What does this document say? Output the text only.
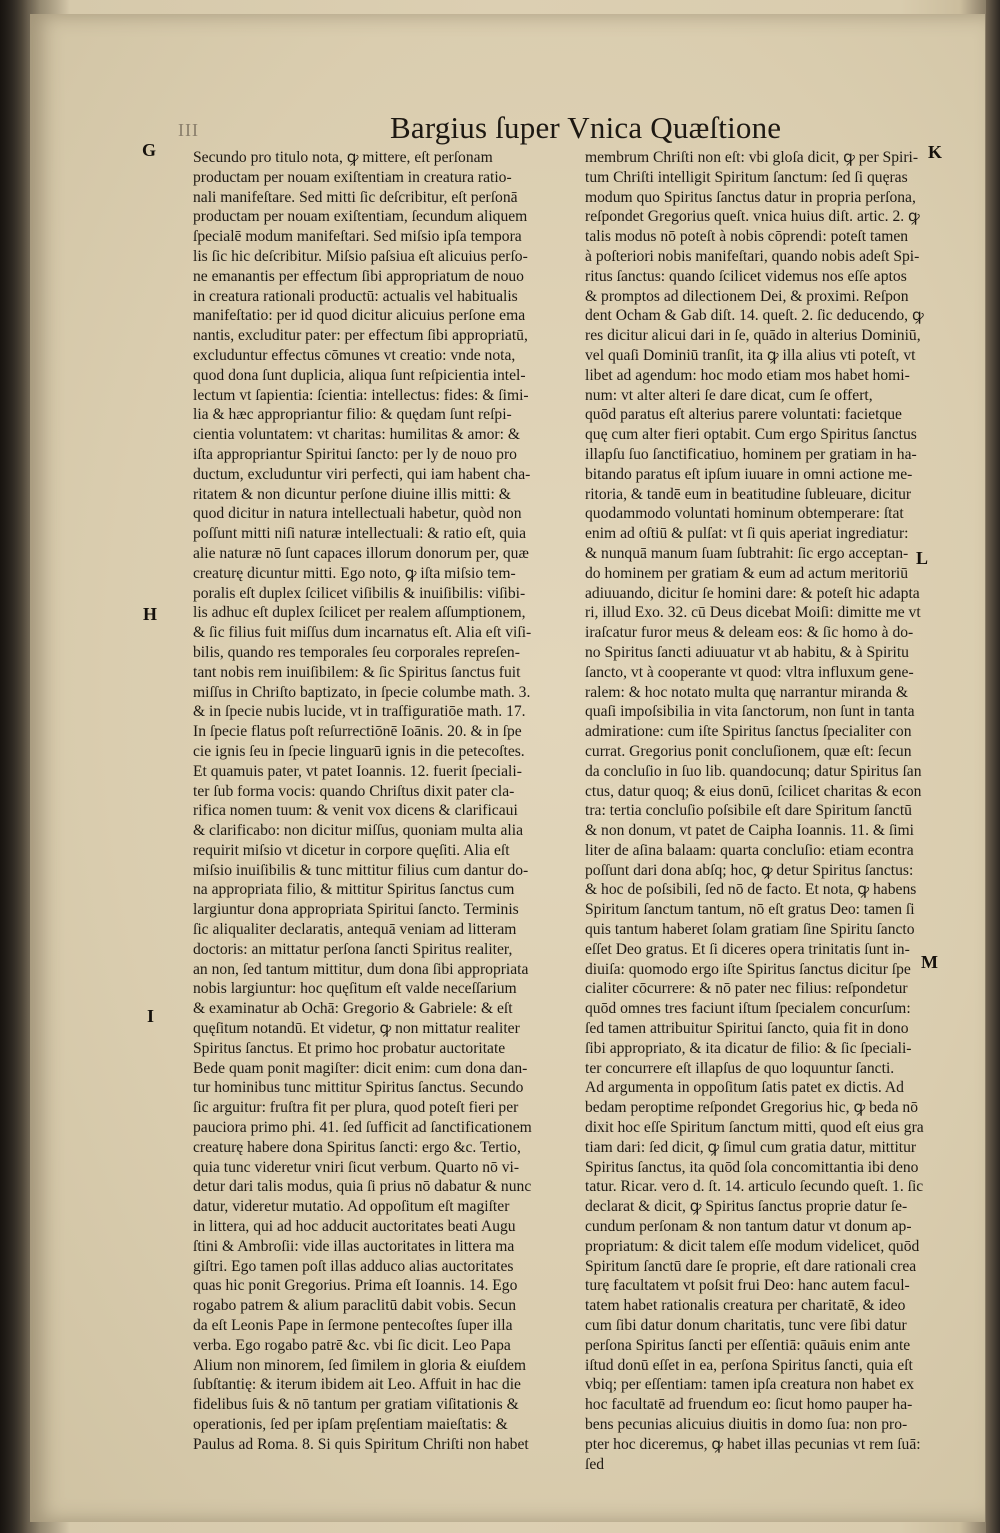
III	Bargius ſuper Vnica Quæſtione
G
H
I
K
L
M
Secundo pro titulo nota, ꝙ mittere, eſt perſonam
productam per nouam exiſtentiam in creatura ratio-
nali manifeſtare. Sed mitti ſic deſcribitur, eſt perſonā
productam per nouam exiſtentiam, ſecundum aliquem
ſpecialē modum manifeſtari. Sed miſsio ipſa tempora
lis ſic hic deſcribitur. Miſsio paſsiua eſt alicuius perſo-
ne emanantis per effectum ſibi appropriatum de nouo
in creatura rationali productū: actualis vel habitualis
manifeſtatio: per id quod dicitur alicuius perſone ema
nantis, excluditur pater: per effectum ſibi appropriatū,
excluduntur effectus cōmunes vt creatio: vnde nota,
quod dona ſunt duplicia, aliqua ſunt reſpicientia intel-
lectum vt ſapientia: ſcientia: intellectus: fides: & ſimi-
lia & hæc appropriantur filio: & quędam ſunt reſpi-
cientia voluntatem: vt charitas: humilitas & amor: &
iſta appropriantur Spiritui ſancto: per ly de nouo pro
ductum, excluduntur viri perfecti, qui iam habent cha-
ritatem & non dicuntur perſone diuine illis mitti: &
quod dicitur in natura intellectuali habetur, quòd non
poſſunt mitti niſi naturæ intellectuali: & ratio eſt, quia
alie naturæ nō ſunt capaces illorum donorum per, quæ
creaturę dicuntur mitti. Ego noto, ꝙ iſta miſsio tem-
poralis eſt duplex ſcilicet viſibilis & inuiſibilis: viſibi-
lis adhuc eſt duplex ſcilicet per realem aſſumptionem,
& ſic filius fuit miſſus dum incarnatus eſt. Alia eſt viſi-
bilis, quando res temporales ſeu corporales repreſen-
tant nobis rem inuiſibilem: & ſic Spiritus ſanctus fuit
miſſus in Chriſto baptizato, in ſpecie columbe math. 3.
& in ſpecie nubis lucide, vt in traſfiguratiōe math. 17.
In ſpecie flatus poſt reſurrectiōnē Ioānis. 20. & in ſpe
cie ignis ſeu in ſpecie linguarū ignis in die petecoſtes.
Et quamuis pater, vt patet Ioannis. 12. fuerit ſpeciali-
ter ſub forma vocis: quando Chriſtus dixit pater cla-
rifica nomen tuum: & venit vox dicens & clarificaui
& clarificabo: non dicitur miſſus, quoniam multa alia
requirit miſsio vt dicetur in corpore quęſiti. Alia eſt
miſsio inuiſibilis & tunc mittitur filius cum dantur do-
na appropriata filio, & mittitur Spiritus ſanctus cum
largiuntur dona appropriata Spiritui ſancto. Terminis
ſic aliqualiter declaratis, antequā veniam ad litteram
doctoris: an mittatur perſona ſancti Spiritus realiter,
an non, ſed tantum mittitur, dum dona ſibi appropriata
nobis largiuntur: hoc quęſitum eſt valde neceſſarium
& examinatur ab Ochā: Gregorio & Gabriele: & eſt
quęſitum notandū. Et videtur, ꝙ non mittatur realiter
Spiritus ſanctus. Et primo hoc probatur auctoritate
Bede quam ponit magiſter: dicit enim: cum dona dan-
tur hominibus tunc mittitur Spiritus ſanctus. Secundo
ſic arguitur: fruſtra fit per plura, quod poteſt fieri per
pauciora primo phi. 41. ſed ſufficit ad ſanctificationem
creaturę habere dona Spiritus ſancti: ergo &c. Tertio,
quia tunc videretur vniri ſicut verbum. Quarto nō vi-
detur dari talis modus, quia ſi prius nō dabatur & nunc
datur, videretur mutatio. Ad oppoſitum eſt magiſter
in littera, qui ad hoc adducit auctoritates beati Augu
ſtini & Ambroſii: vide illas auctoritates in littera ma
giſtri. Ego tamen poſt illas adduco alias auctoritates
quas hic ponit Gregorius. Prima eſt Ioannis. 14. Ego
rogabo patrem & alium paraclitū dabit vobis. Secun
da eſt Leonis Pape in ſermone pentecoſtes ſuper illa
verba. Ego rogabo patrē &c. vbi ſic dicit. Leo Papa
Alium non minorem, ſed ſimilem in gloria & eiuſdem
ſubſtantię: & iterum ibidem ait Leo. Affuit in hac die
fidelibus ſuis & nō tantum per gratiam viſitationis &
operationis, ſed per ipſam pręſentiam maieſtatis: &
Paulus ad Roma. 8. Si quis Spiritum Chriſti non habet
membrum Chriſti non eſt: vbi gloſa dicit, ꝙ per Spiri-
tum Chriſti intelligit Spiritum ſanctum: ſed ſi quęras
modum quo Spiritus ſanctus datur in propria perſona,
reſpondet Gregorius queſt. vnica huius diſt. artic. 2. ꝙ
talis modus nō poteſt à nobis cōprendi: poteſt tamen
à poſteriori nobis manifeſtari, quando nobis adeſt Spi-
ritus ſanctus: quando ſcilicet videmus nos eſſe aptos
& promptos ad dilectionem Dei, & proximi. Reſpon
dent Ocham & Gab diſt. 14. queſt. 2. ſic deducendo, ꝙ
res dicitur alicui dari in ſe, quādo in alterius Dominiū,
vel quaſi Dominiū tranſit, ita ꝙ illa alius vti poteſt, vt
libet ad agendum: hoc modo etiam mos habet homi-
num: vt alter alteri ſe dare dicat, cum ſe offert,
quōd paratus eſt alterius parere voluntati: facietque
quę cum alter fieri optabit. Cum ergo Spiritus ſanctus
illapſu ſuo ſanctificatiuo, hominem per gratiam in ha-
bitando paratus eſt ipſum iuuare in omni actione me-
ritoria, & tandē eum in beatitudine ſubleuare, dicitur
quodammodo voluntati hominum obtemperare: ſtat
enim ad oſtiū & pulſat: vt ſi quis aperiat ingrediatur:
& nunquā manum ſuam ſubtrahit: ſic ergo acceptan-
do hominem per gratiam & eum ad actum meritoriū
adiuuando, dicitur ſe homini dare: & poteſt hic adapta
ri, illud Exo. 32. cū Deus dicebat Moiſi: dimitte me vt
iraſcatur furor meus & deleam eos: & ſic homo à do-
no Spiritus ſancti adiuuatur vt ab habitu, & à Spiritu
ſancto, vt à cooperante vt quod: vltra influxum gene-
ralem: & hoc notato multa quę narrantur miranda &
quaſi impoſsibilia in vita ſanctorum, non ſunt in tanta
admiratione: cum iſte Spiritus ſanctus ſpecialiter con
currat. Gregorius ponit concluſionem, quæ eſt: ſecun
da concluſio in ſuo lib. quandocunq; datur Spiritus ſan
ctus, datur quoq; & eius donū, ſcilicet charitas & econ
tra: tertia concluſio poſsibile eſt dare Spiritum ſanctū
& non donum, vt patet de Caipha Ioannis. 11. & ſimi
liter de aſina balaam: quarta concluſio: etiam econtra
poſſunt dari dona abſq; hoc, ꝙ detur Spiritus ſanctus:
& hoc de poſsibili, ſed nō de facto. Et nota, ꝙ habens
Spiritum ſanctum tantum, nō eſt gratus Deo: tamen ſi
quis tantum haberet ſolam gratiam ſine Spiritu ſancto
eſſet Deo gratus. Et ſi diceres opera trinitatis ſunt in-
diuiſa: quomodo ergo iſte Spiritus ſanctus dicitur ſpe
cialiter cōcurrere: & nō pater nec filius: reſpondetur
quōd omnes tres faciunt iſtum ſpecialem concurſum:
ſed tamen attribuitur Spiritui ſancto, quia fit in dono
ſibi appropriato, & ita dicatur de filio: & ſic ſpeciali-
ter concurrere eſt illapſus de quo loquuntur ſancti.
Ad argumenta in oppoſitum ſatis patet ex dictis. Ad
bedam peroptime reſpondet Gregorius hic, ꝙ beda nō
dixit hoc eſſe Spiritum ſanctum mitti, quod eſt eius gra
tiam dari: ſed dicit, ꝙ ſimul cum gratia datur, mittitur
Spiritus ſanctus, ita quōd ſola concomittantia ibi deno
tatur. Ricar. vero d. ſt. 14. articulo ſecundo queſt. 1. ſic
declarat & dicit, ꝙ Spiritus ſanctus proprie datur ſe-
cundum perſonam & non tantum datur vt donum ap-
propriatum: & dicit talem eſſe modum videlicet, quōd
Spiritum ſanctū dare ſe proprie, eſt dare rationali crea
turę facultatem vt poſsit frui Deo: hanc autem facul-
tatem habet rationalis creatura per charitatē, & ideo
cum ſibi datur donum charitatis, tunc vere ſibi datur
perſona Spiritus ſancti per eſſentiā: quāuis enim ante
iſtud donū eſſet in ea, perſona Spiritus ſancti, quia eſt
vbiq; per eſſentiam: tamen ipſa creatura non habet ex
hoc facultatē ad fruendum eo: ſicut homo pauper ha-
bens pecunias alicuius diuitis in domo ſua: non pro-
pter hoc diceremus, ꝙ habet illas pecunias vt rem ſuā:
ſed
